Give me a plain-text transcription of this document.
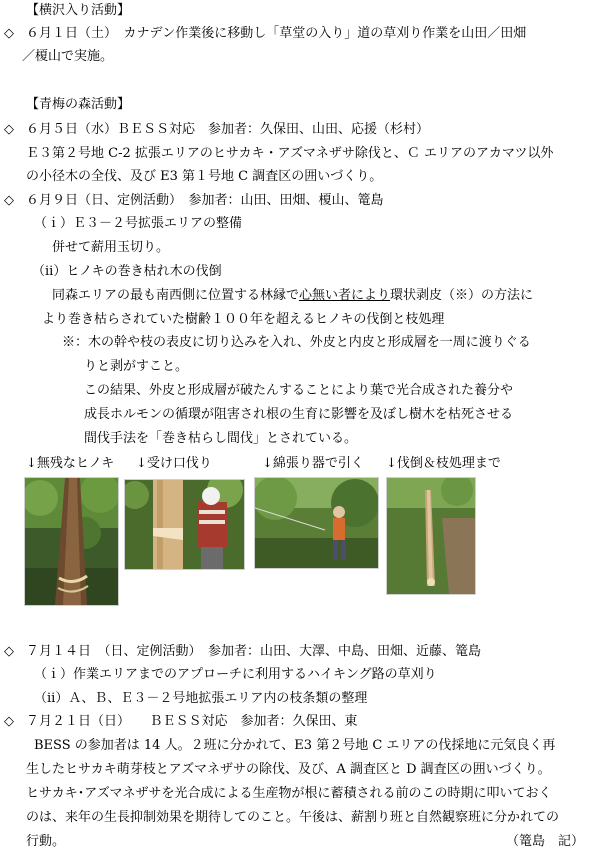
【横沢入り活動】
◇ ６月１日（土）　カナデン作業後に移動し「草堂の入り」道の草刈り作業を山田／田畑
／榎山で実施。
【青梅の森活動】
◇ ６月５日（水）ＢＥＳＳ対応　参加者：久保田、山田、応援（杉村）
Ｅ３第２号地 C-2 拡張エリアのヒサカキ・アズマネザサ除伐と、Ｃ エリアのアカマツ以外
の小径木の全伐、及び E3 第１号地 C 調査区の囲いづくり。
◇ ６月９日（日、定例活動）　参加者：山田、田畑、榎山、篭島
（ｉ）Ｅ３－２号拡張エリアの整備
併せて薪用玉切り。
（ii）ヒノキの巻き枯れ木の伐倒
同森エリアの最も南西側に位置する林縁で心無い者により環状剥皮（※）の方法に
より巻き枯らされていた樹齢１００年を超えるヒノキの伐倒と枝処理
※：木の幹や枝の表皮に切り込みを入れ、外皮と内皮と形成層を一周に渡りぐる
りと剥がすこと。
この結果、外皮と形成層が破たんすることにより葉で光合成された養分や
成長ホルモンの循環が阻害され根の生育に影響を及ぼし樹木を枯死させる
間伐手法を「巻き枯らし間伐」とされている。
↓無残なヒノキ ↓受け口伐り	↓綿張り器で引く ↓伐倒＆枝処理まで
◇ ７月１４日　（日、定例活動）　参加者：山田、大澤、中島、田畑、近藤、篭島
（ｉ）作業エリアまでのアプローチに利用するハイキング路の草刈り
（ii）Ａ、Ｂ、Ｅ３－２号地拡張エリア内の枝条類の整理
◇ ７月２１日（日）　　ＢＥＳＳ対応　参加者：久保田、東
BESS の参加者は 14 人。２班に分かれて、E3 第２号地 C エリアの伐採地に元気良く再
生したヒサカキ萌芽枝とアズマネザサの除伐、及び、A 調査区と D 調査区の囲いづくり。
ヒサカキ･アズマネザサを光合成による生産物が根に蓄積される前のこの時期に叩いておく
のは、来年の生長抑制効果を期待してのこと。午後は、薪割り班と自然観察班に分かれての
行動。	（篭島　記）
